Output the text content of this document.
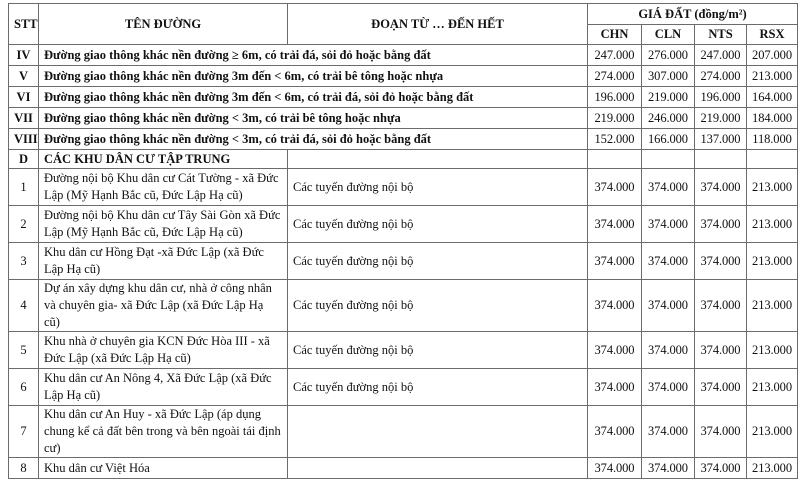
STT	TÊN ĐƯỜNG	ĐOẠN TỪ … ĐẾN HẾT	GIÁ ĐẤT (đồng/m²)			
			CHN	CLN	NTS	RSX
IV	Đường giao thông khác nền đường ≥ 6m, có trải đá, sỏi đỏ hoặc bằng đất		247.000	276.000	247.000	207.000
V	Đường giao thông khác nền đường 3m đến < 6m, có trải bê tông hoặc nhựa		274.000	307.000	274.000	213.000
VI	Đường giao thông khác nền đường 3m đến < 6m, có trải đá, sỏi đỏ hoặc bằng đất		196.000	219.000	196.000	164.000
VII	Đường giao thông khác nền đường < 3m, có trải bê tông hoặc nhựa		219.000	246.000	219.000	184.000
VIII	Đường giao thông khác nền đường < 3m, có trải đá, sỏi đỏ hoặc bằng đất		152.000	166.000	137.000	118.000
D	CÁC KHU DÂN CƯ TẬP TRUNG					
1	Đường nội bộ Khu dân cư Cát Tường - xã Đức Lập (Mỹ Hạnh Bắc cũ, Đức Lập Hạ cũ)	Các tuyến đường nội bộ	374.000	374.000	374.000	213.000
2	Đường nội bộ Khu dân cư Tây Sài Gòn xã Đức Lập (Mỹ Hạnh Bắc cũ, Đức Lập Hạ cũ)	Các tuyến đường nội bộ	374.000	374.000	374.000	213.000
3	Khu dân cư Hồng Đạt -xã Đức Lập (xã Đức Lập Hạ cũ)	Các tuyến đường nội bộ	374.000	374.000	374.000	213.000
4	Dự án xây dựng khu dân cư, nhà ở công nhân và chuyên gia- xã Đức Lập (xã Đức Lập Hạ cũ)	Các tuyến đường nội bộ	374.000	374.000	374.000	213.000
5	Khu nhà ở chuyên gia KCN Đức Hòa III - xã Đức Lập (xã Đức Lập Hạ cũ)	Các tuyến đường nội bộ	374.000	374.000	374.000	213.000
6	Khu dân cư An Nông 4, Xã Đức Lập (xã Đức Lập Hạ cũ)	Các tuyến đường nội bộ	374.000	374.000	374.000	213.000
7	Khu dân cư An Huy - xã Đức Lập (áp dụng chung kể cả đất bên trong và bên ngoài tái định cư)		374.000	374.000	374.000	213.000
8	Khu dân cư Việt Hóa		374.000	374.000	374.000	213.000
